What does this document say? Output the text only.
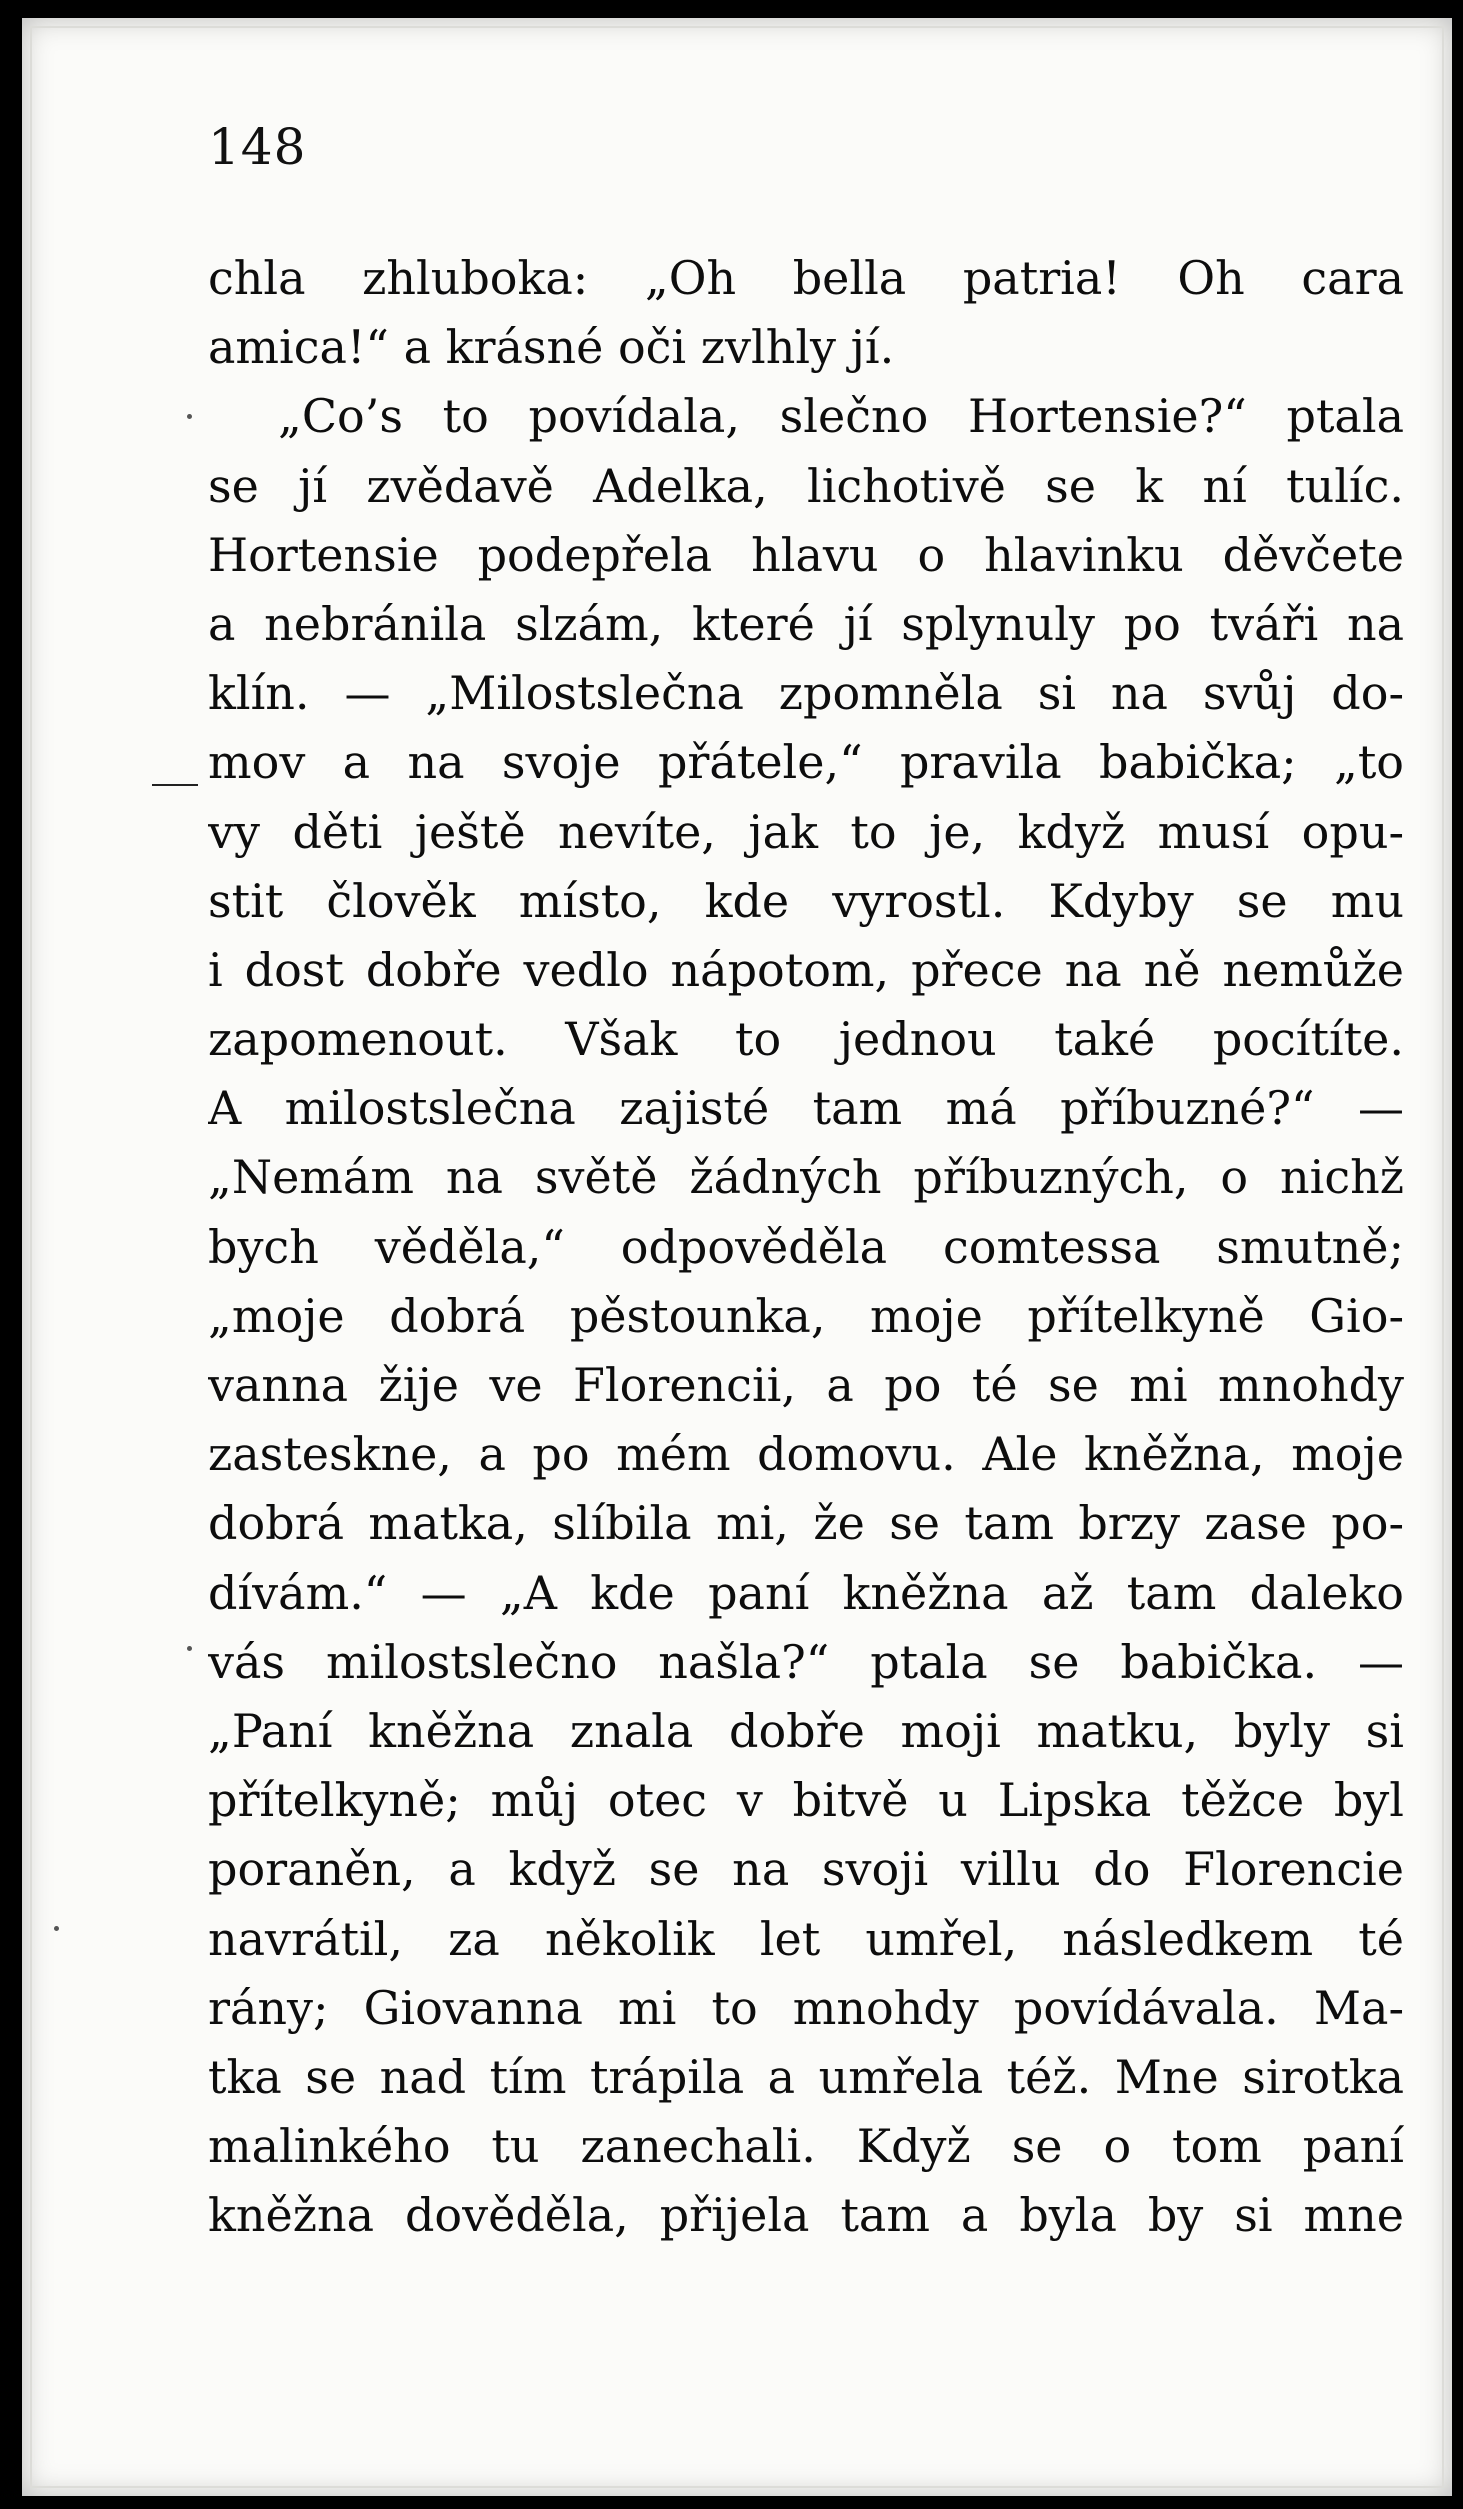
148
chla zhluboka: „Oh bella patria! Oh cara
amica!“ a krásné oči zvlhly jí.
„Co’s to povídala, slečno Hortensie?“ ptala
se jí zvědavě Adelka, lichotivě se k ní tulíc.
Hortensie podepřela hlavu o hlavinku děvčete
a nebránila slzám, které jí splynuly po tváři na
klín. — „Milostslečna zpomněla si na svůj do-
mov a na svoje přátele,“ pravila babička; „to
vy děti ještě nevíte, jak to je, když musí opu-
stit člověk místo, kde vyrostl. Kdyby se mu
i dost dobře vedlo nápotom, přece na ně nemůže
zapomenout. Však to jednou také pocítíte.
A milostslečna zajisté tam má příbuzné?“ —
„Nemám na světě žádných příbuzných, o nichž
bych věděla,“ odpověděla comtessa smutně;
„moje dobrá pěstounka, moje přítelkyně Gio-
vanna žije ve Florencii, a po té se mi mnohdy
zasteskne, a po mém domovu. Ale kněžna, moje
dobrá matka, slíbila mi, že se tam brzy zase po-
dívám.“ — „A kde paní kněžna až tam daleko
vás milostslečno našla?“ ptala se babička. —
„Paní kněžna znala dobře moji matku, byly si
přítelkyně; můj otec v bitvě u Lipska těžce byl
poraněn, a když se na svoji villu do Florencie
navrátil, za několik let umřel, následkem té
rány; Giovanna mi to mnohdy povídávala. Ma-
tka se nad tím trápila a umřela též. Mne sirotka
malinkého tu zanechali. Když se o tom paní
kněžna dověděla, přijela tam a byla by si mne
